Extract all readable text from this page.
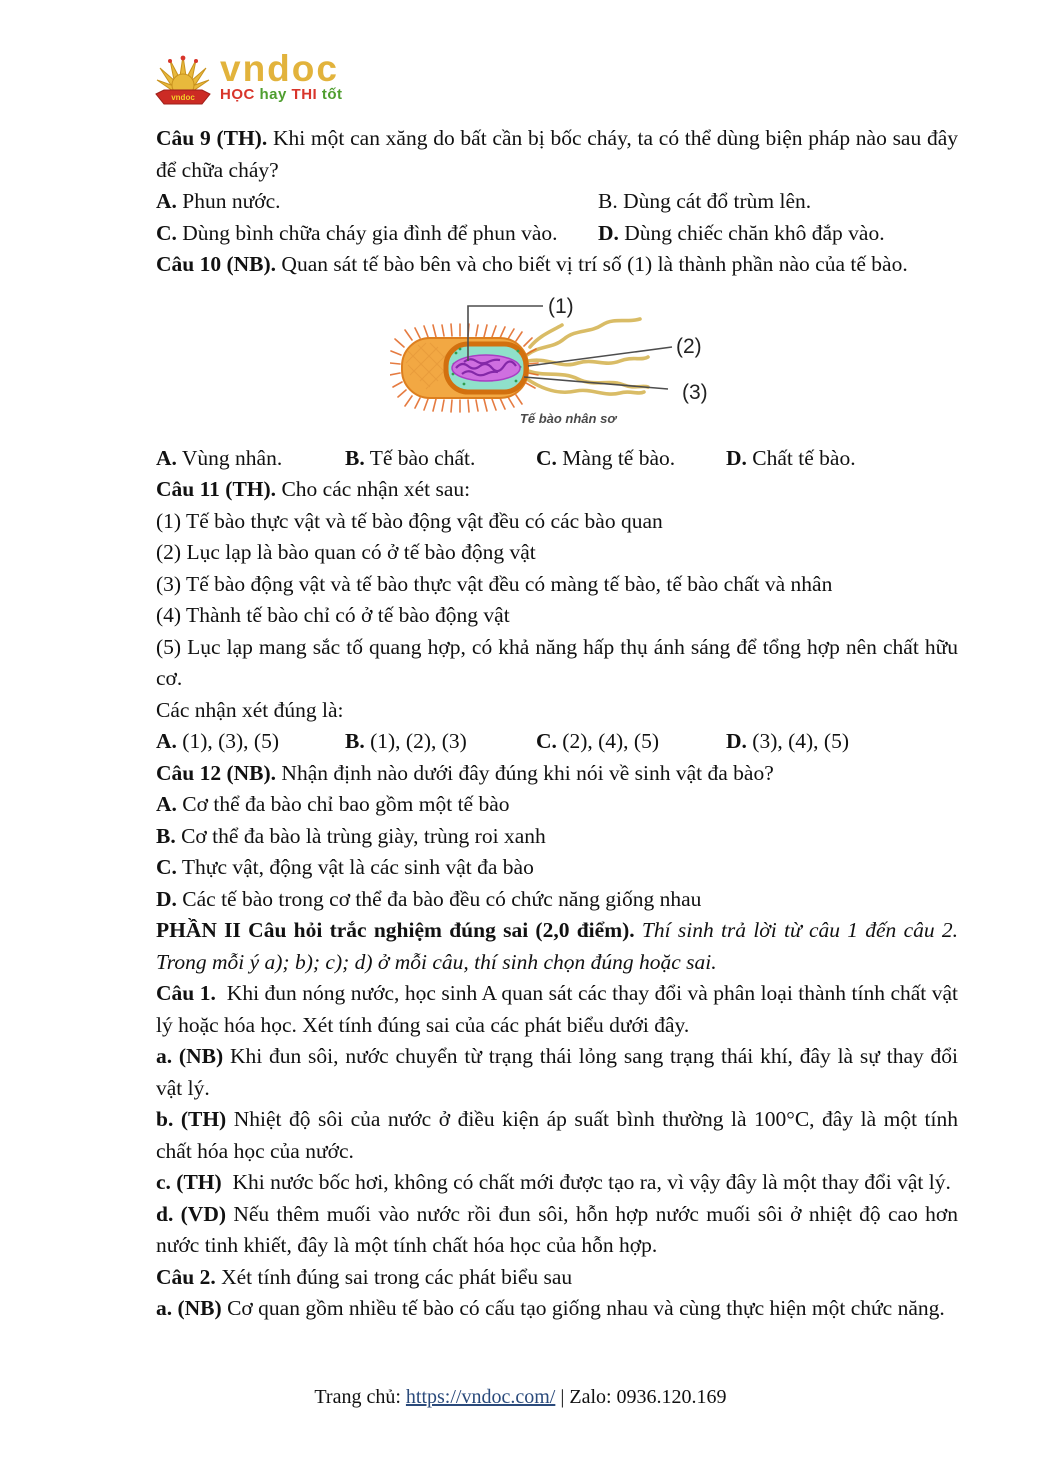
vndoc
vndoc
HỌC hay THI tốt

Câu 9 (TH). Khi một can xăng do bất cần bị bốc cháy, ta có thể dùng biện pháp nào sau đây để chữa cháy?

A. Phun nước.	B. Dùng cát đổ trùm lên.
C. Dùng bình chữa cháy gia đình để phun vào.	D. Dùng chiếc chăn khô đắp vào.

Câu 10 (NB). Quan sát tế bào bên và cho biết vị trí số (1) là thành phần nào của tế bào.

(1)
(2)
(3)
Tế bào nhân sơ
A. Vùng nhân.	B. Tế bào chất.	C. Màng tế bào.	D. Chất tế bào.

Câu 11 (TH). Cho các nhận xét sau:

(1) Tế bào thực vật và tế bào động vật đều có các bào quan

(2) Lục lạp là bào quan có ở tế bào động vật

(3) Tế bào động vật và tế bào thực vật đều có màng tế bào, tế bào chất và nhân

(4) Thành tế bào chỉ có ở tế bào động vật

(5) Lục lạp mang sắc tố quang hợp, có khả năng hấp thụ ánh sáng để tổng hợp nên chất hữu cơ.

Các nhận xét đúng là:

A. (1), (3), (5)	B. (1), (2), (3)	C. (2), (4), (5)	D. (3), (4), (5)

Câu 12 (NB). Nhận định nào dưới đây đúng khi nói về sinh vật đa bào?

A. Cơ thể đa bào chỉ bao gồm một tế bào

B. Cơ thể đa bào là trùng giày, trùng roi xanh

C. Thực vật, động vật là các sinh vật đa bào

D. Các tế bào trong cơ thể đa bào đều có chức năng giống nhau

PHẦN II Câu hỏi trắc nghiệm đúng sai (2,0 điểm). Thí sinh trả lời từ câu 1 đến câu 2. Trong mỗi ý a); b); c); d) ở mỗi câu, thí sinh chọn đúng hoặc sai.

Câu 1. Khi đun nóng nước, học sinh A quan sát các thay đổi và phân loại thành tính chất vật lý hoặc hóa học. Xét tính đúng sai của các phát biểu dưới đây.

a. (NB) Khi đun sôi, nước chuyển từ trạng thái lỏng sang trạng thái khí, đây là sự thay đổi vật lý.

b. (TH) Nhiệt độ sôi của nước ở điều kiện áp suất bình thường là 100°C, đây là một tính chất hóa học của nước.

c. (TH) Khi nước bốc hơi, không có chất mới được tạo ra, vì vậy đây là một thay đổi vật lý.

d. (VD) Nếu thêm muối vào nước rồi đun sôi, hỗn hợp nước muối sôi ở nhiệt độ cao hơn nước tinh khiết, đây là một tính chất hóa học của hỗn hợp.

Câu 2. Xét tính đúng sai trong các phát biểu sau

a. (NB) Cơ quan gồm nhiều tế bào có cấu tạo giống nhau và cùng thực hiện một chức năng.

Trang chủ: https://vndoc.com/ | Zalo: 0936.120.169
